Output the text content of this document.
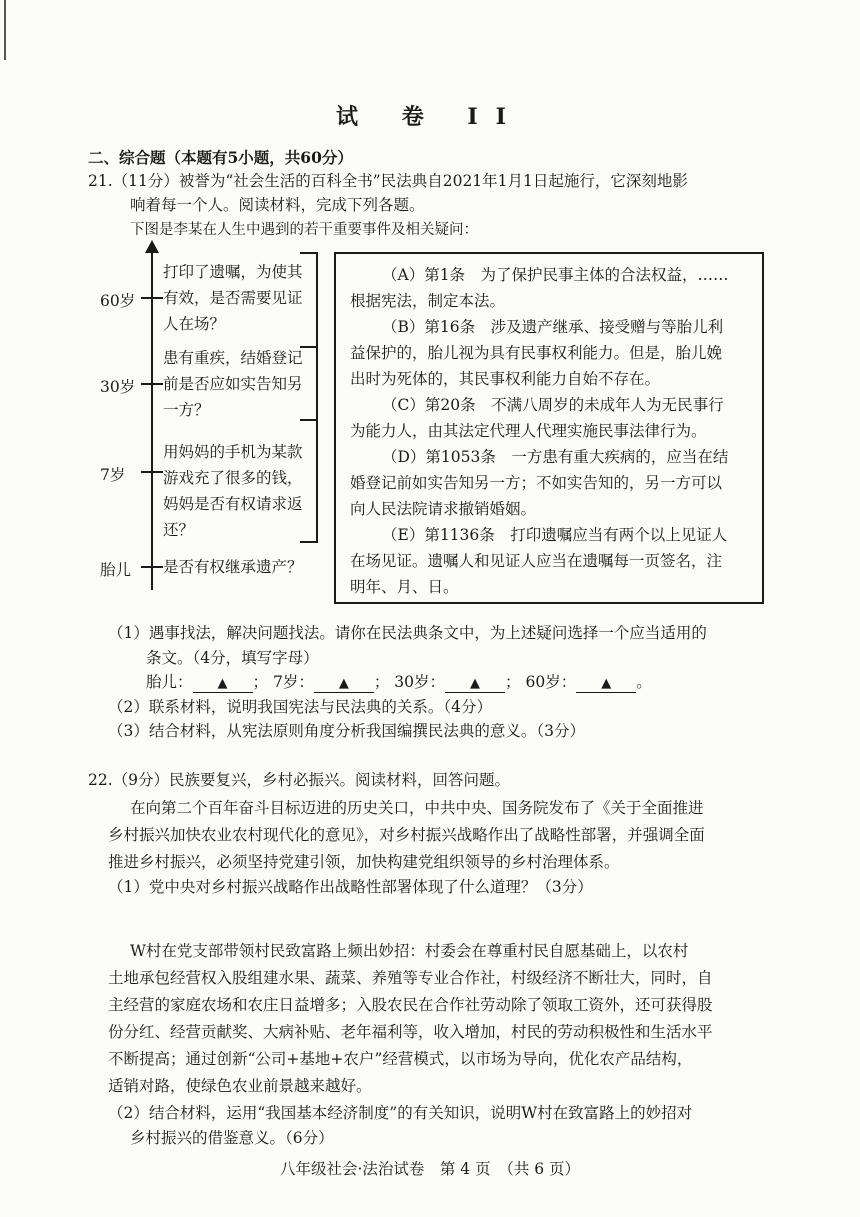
试 卷 II
二、综合题（本题有5小题，共60分）
21.（11分）被誉为“社会生活的百科全书”民法典自2021年1月1日起施行，它深刻地影
响着每一个人。阅读材料，完成下列各题。
下图是李某在人生中遇到的若干重要事件及相关疑问：
60岁
打印了遗嘱，为使其
有效，是否需要见证
人在场？
30岁
患有重疾，结婚登记
前是否应如实告知另
一方？
7岁
用妈妈的手机为某款
游戏充了很多的钱，
妈妈是否有权请求返
还？
胎儿 是否有权继承遗产？
（A）第1条　为了保护民事主体的合法权益，……
根据宪法，制定本法。
（B）第16条　涉及遗产继承、接受赠与等胎儿利
益保护的，胎儿视为具有民事权利能力。但是，胎儿娩
出时为死体的，其民事权利能力自始不存在。
（C）第20条　不满八周岁的未成年人为无民事行
为能力人，由其法定代理人代理实施民事法律行为。
（D）第1053条　一方患有重大疾病的，应当在结
婚登记前如实告知另一方；不如实告知的，另一方可以
向人民法院请求撤销婚姻。
（E）第1136条　打印遗嘱应当有两个以上见证人
在场见证。遗嘱人和见证人应当在遗嘱每一页签名，注
明年、月、日。
（1）遇事找法，解决问题找法。请你在民法典条文中，为上述疑问选择一个应当适用的
条文。（4分，填写字母）
胎儿： ▲ ； 7岁： ▲ ； 30岁： ▲ ； 60岁： ▲ 。
（2）联系材料，说明我国宪法与民法典的关系。（4分）
（3）结合材料，从宪法原则角度分析我国编撰民法典的意义。（3分）
22.（9分）民族要复兴，乡村必振兴。阅读材料，回答问题。
在向第二个百年奋斗目标迈进的历史关口，中共中央、国务院发布了《关于全面推进
乡村振兴加快农业农村现代化的意见》，对乡村振兴战略作出了战略性部署，并强调全面
推进乡村振兴，必须坚持党建引领，加快构建党组织领导的乡村治理体系。
（1）党中央对乡村振兴战略作出战略性部署体现了什么道理？（3分）
W村在党支部带领村民致富路上频出妙招：村委会在尊重村民自愿基础上，以农村
土地承包经营权入股组建水果、蔬菜、养殖等专业合作社，村级经济不断壮大，同时，自
主经营的家庭农场和农庄日益增多；入股农民在合作社劳动除了领取工资外，还可获得股
份分红、经营贡献奖、大病补贴、老年福利等，收入增加，村民的劳动积极性和生活水平
不断提高；通过创新“公司+基地+农户”经营模式，以市场为导向，优化农产品结构，
适销对路，使绿色农业前景越来越好。
（2）结合材料，运用“我国基本经济制度”的有关知识，说明W村在致富路上的妙招对
乡村振兴的借鉴意义。（6分）
八年级社会·法治试卷　第 4 页　（共 6 页）
